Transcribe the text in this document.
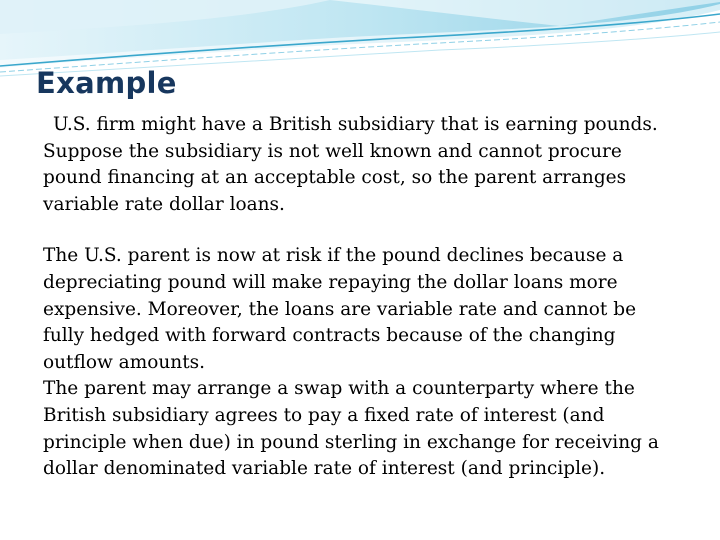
Example

U.S. firm might have a British subsidiary that is earning pounds.

Suppose the subsidiary is not well known and cannot procure

pound financing at an acceptable cost, so the parent arranges

variable rate dollar loans.

The U.S. parent is now at risk if the pound declines because a

depreciating pound will make repaying the dollar loans more

expensive. Moreover, the loans are variable rate and cannot be

fully hedged with forward contracts because of the changing

outflow amounts.

The parent may arrange a swap with a counterparty where the

British subsidiary agrees to pay a fixed rate of interest (and

principle when due) in pound sterling in exchange for receiving a

dollar denominated variable rate of interest (and principle).
